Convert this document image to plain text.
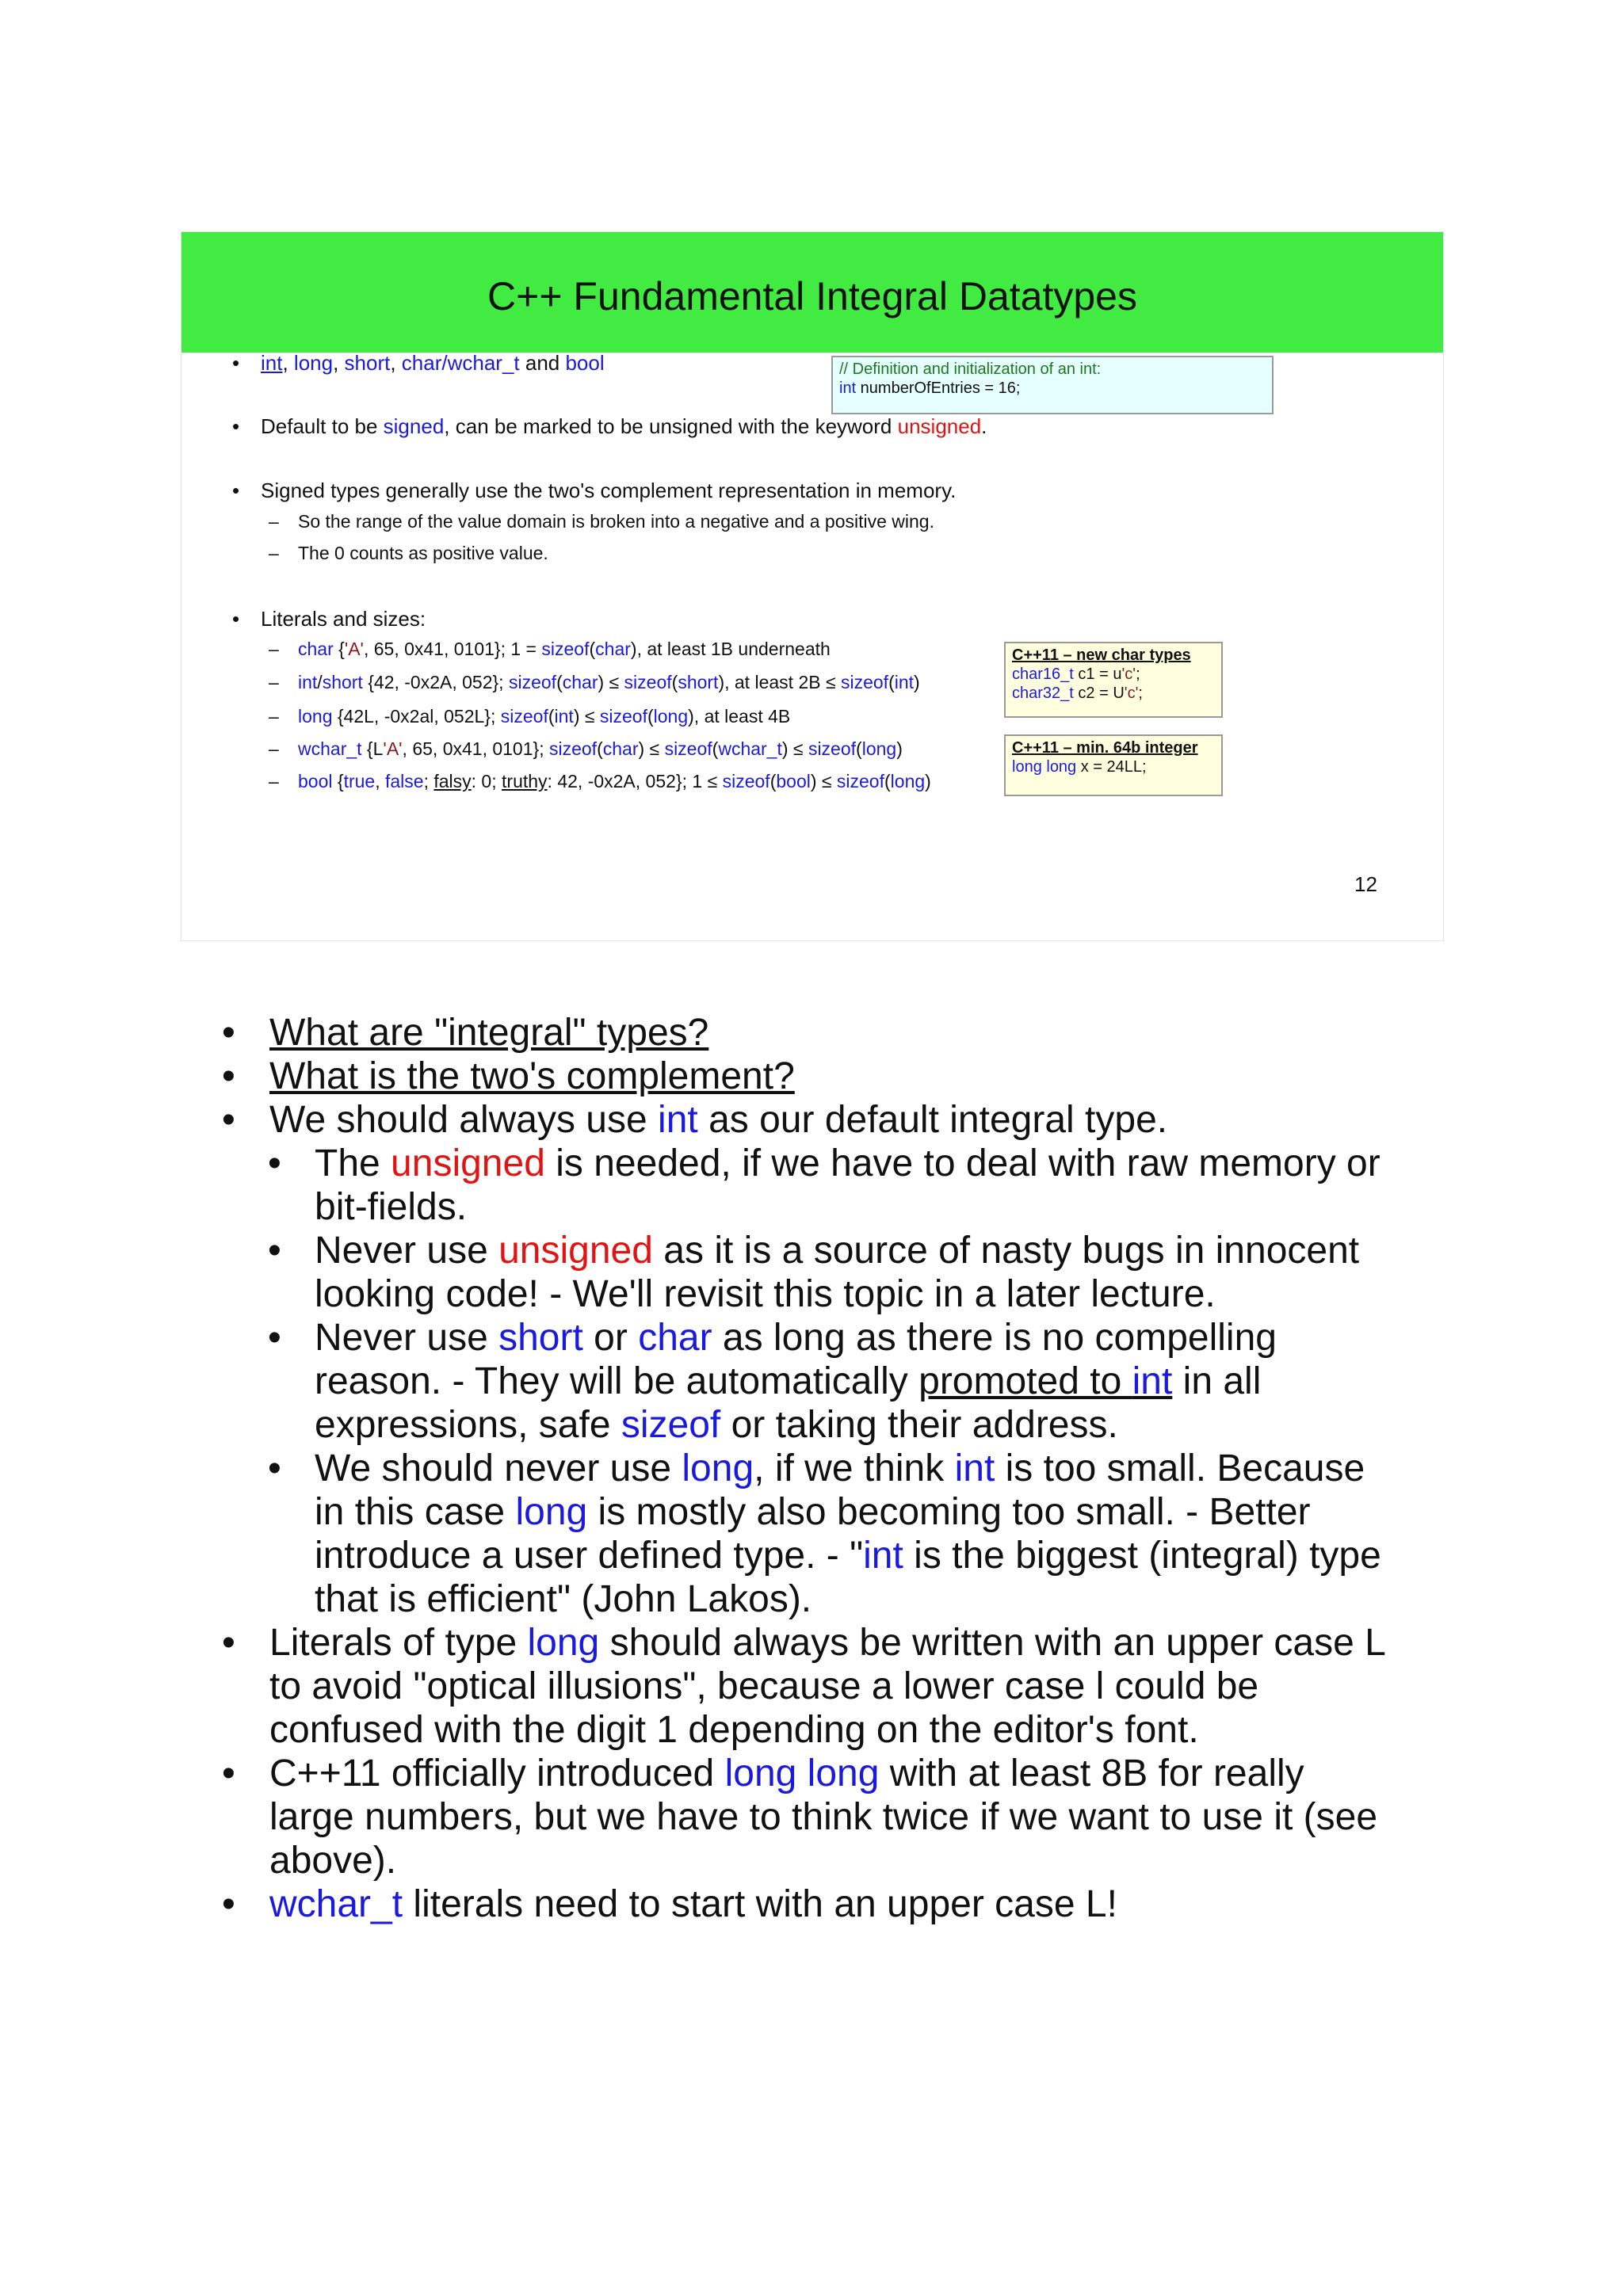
C++ Fundamental Integral Datatypes
• int, long, short, char/wchar_t and bool	// Definition and initialization of an int:
int numberOfEntries = 16;
• Default to be signed, can be marked to be unsigned with the keyword unsigned.
• Signed types generally use the two's complement representation in memory.
– So the range of the value domain is broken into a negative and a positive wing.
– The 0 counts as positive value.
• Literals and sizes:
– char {'A', 65, 0x41, 0101}; 1 = sizeof(char), at least 1B underneath
– int/short {42, -0x2A, 052}; sizeof(char) ≤ sizeof(short), at least 2B ≤ sizeof(int)
– long {42L, -0x2al, 052L}; sizeof(int) ≤ sizeof(long), at least 4B
– wchar_t {L'A', 65, 0x41, 0101}; sizeof(char) ≤ sizeof(wchar_t) ≤ sizeof(long)
– bool {true, false; falsy: 0; truthy: 42, -0x2A, 052}; 1 ≤ sizeof(bool) ≤ sizeof(long)
C++11 – new char types
char16_t c1 = u'c';
char32_t c2 = U'c';
C++11 – min. 64b integer
long long x = 24LL;
12
• What are "integral" types?
• What is the two's complement?
• We should always use int as our default integral type.
• The unsigned is needed, if we have to deal with raw memory or
bit-fields.
• Never use unsigned as it is a source of nasty bugs in innocent
looking code! - We'll revisit this topic in a later lecture.
• Never use short or char as long as there is no compelling
reason. - They will be automatically promoted to int in all
expressions, safe sizeof or taking their address.
• We should never use long, if we think int is too small. Because
in this case long is mostly also becoming too small. - Better
introduce a user defined type. - "int is the biggest (integral) type
that is efficient" (John Lakos).
• Literals of type long should always be written with an upper case L
to avoid "optical illusions", because a lower case l could be
confused with the digit 1 depending on the editor's font.
• C++11 officially introduced long long with at least 8B for really
large numbers, but we have to think twice if we want to use it (see
above).
• wchar_t literals need to start with an upper case L!
